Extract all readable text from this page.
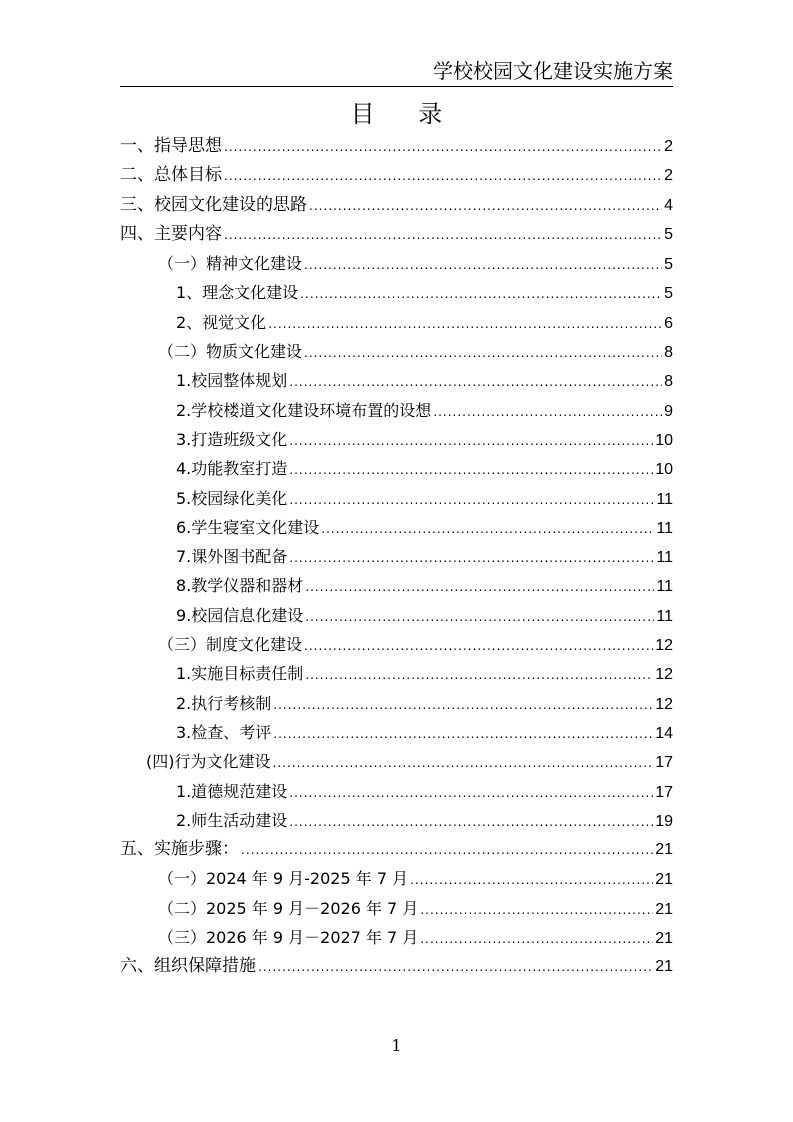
学校校园文化建设实施方案
目 录
一、指导思想 .....	2
二、总体目标 .....	2
三、校园文化建设的思路 .....	4
四、主要内容 .....	5
（一）精神文化建设 .....	5
1、理念文化建设 .....	5
2、视觉文化 .....	6
（二）物质文化建设 .....	8
1.校园整体规划 .....	8
2.学校楼道文化建设环境布置的设想 .....	9
3.打造班级文化 .....	10
4.功能教室打造 .....	10
5.校园绿化美化 .....	11
6.学生寝室文化建设 .....	11
7.课外图书配备 .....	11
8.教学仪器和器材 .....	11
9.校园信息化建设 .....	11
（三）制度文化建设 .....	12
1.实施目标责任制 .....	12
2.执行考核制 .....	12
3.检查、考评 .....	14
(四)行为文化建设 .....	17
1.道德规范建设 .....	17
2.师生活动建设 .....	19
五、实施步骤： .....	21
（一）2024 年 9 月-2025 年 7 月 .....	21
（二）2025 年 9 月－2026 年 7 月 .....	21
（三）2026 年 9 月－2027 年 7 月 .....	21
六、组织保障措施 .....	21
1
